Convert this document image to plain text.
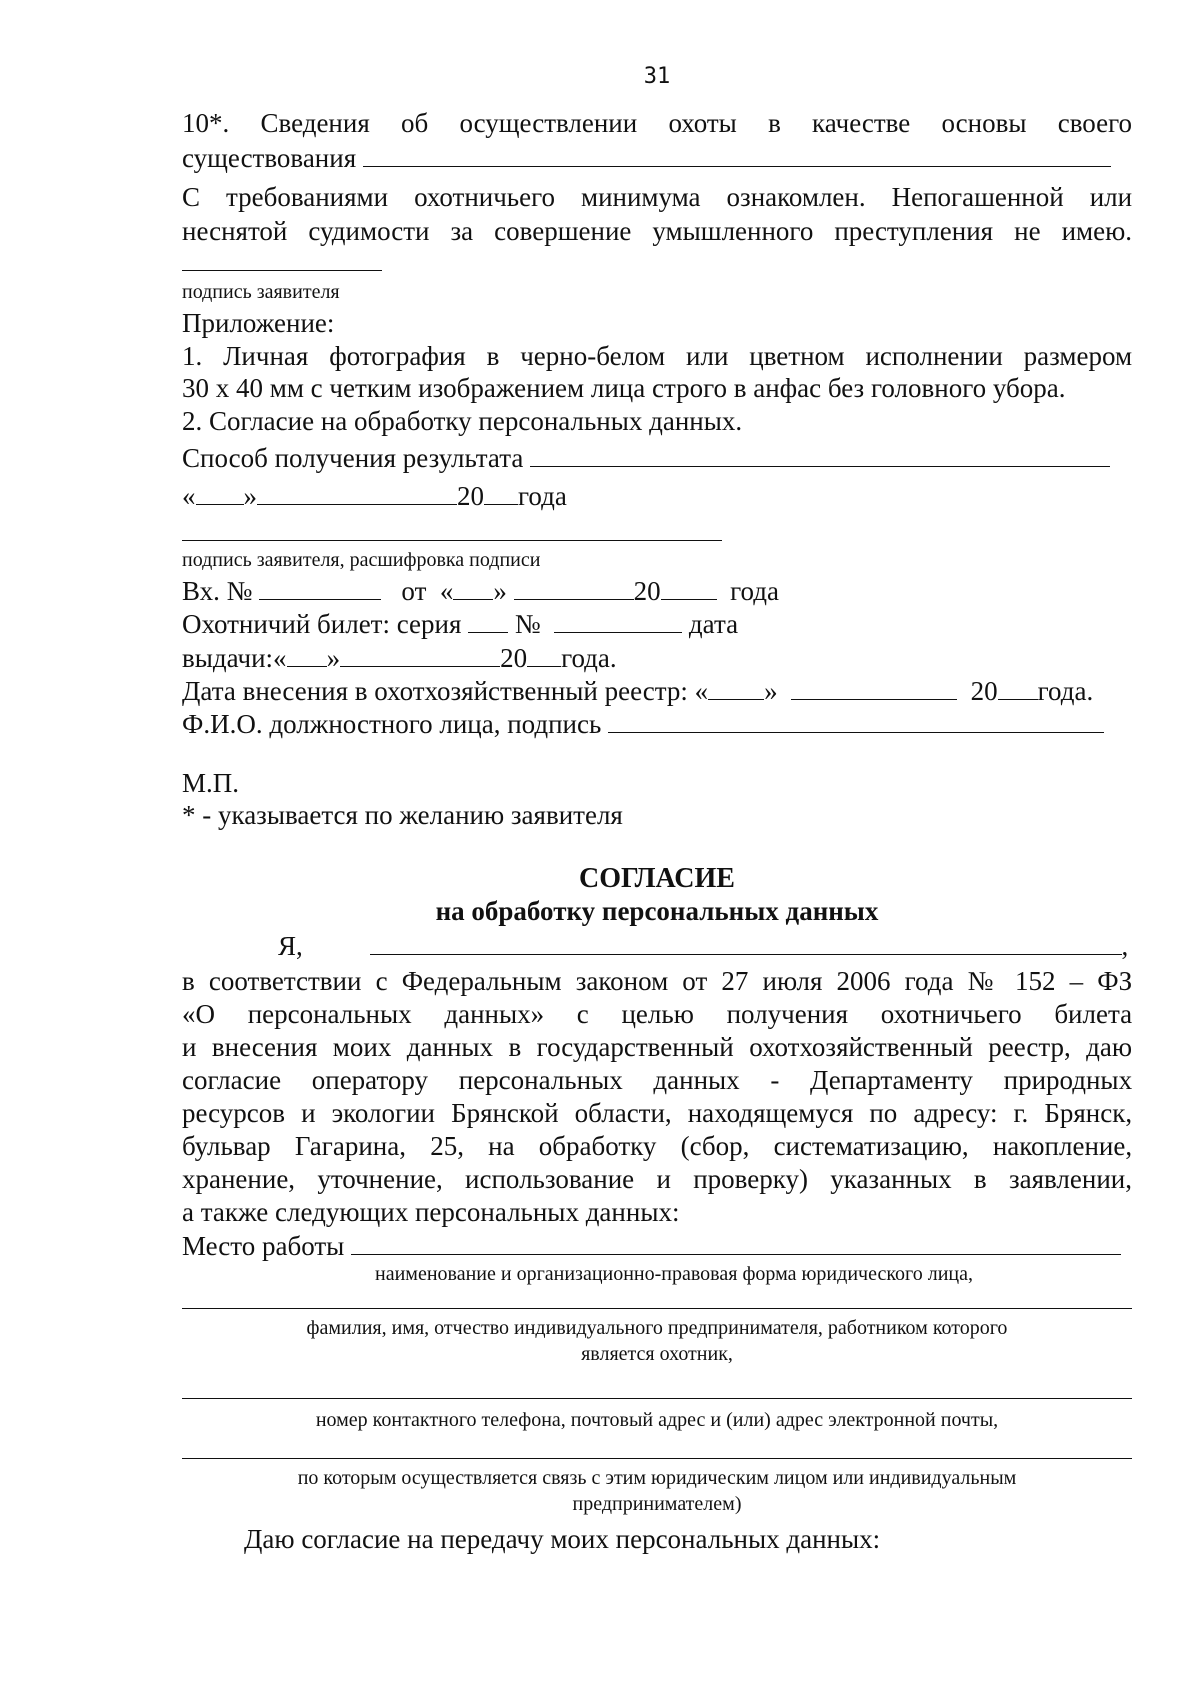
31
10*. Сведения об осуществлении охоты в качестве основы своего
существования
С требованиями охотничьего минимума ознакомлен. Непогашенной или
неснятой судимости за совершение умышленного преступления не имею.
подпись заявителя
Приложение:
1. Личная фотография в черно-белом или цветном исполнении размером
30 х 40 мм с четким изображением лица строго в анфас без головного убора.
2. Согласие на обработку персональных данных.
Способ получения результата
« »	20 года
подпись заявителя, расшифровка подписи
Вх. №	от « »	20	года
Охотничий билет: серия №	дата
выдачи:« »	20 года.
Дата внесения в охотхозяйственный реестр: « »	20 года.
Ф.И.О. должностного лица, подпись
М.П.
* - указывается по желанию заявителя
СОГЛАСИЕ
на обработку персональных данных
Я,	,
в соответствии с Федеральным законом от 27 июля 2006 года № 152 – ФЗ
«О персональных данных» с целью получения охотничьего билета
и внесения моих данных в государственный охотхозяйственный реестр, даю
согласие оператору персональных данных - Департаменту природных
ресурсов и экологии Брянской области, находящемуся по адресу: г. Брянск,
бульвар Гагарина, 25, на обработку (сбор, систематизацию, накопление,
хранение, уточнение, использование и проверку) указанных в заявлении,
а также следующих персональных данных:
Место работы
наименование и организационно-правовая форма юридического лица,
фамилия, имя, отчество индивидуального предпринимателя, работником которого
является охотник,
номер контактного телефона, почтовый адрес и (или) адрес электронной почты,
по которым осуществляется связь с этим юридическим лицом или индивидуальным
предпринимателем)
Даю согласие на передачу моих персональных данных:
